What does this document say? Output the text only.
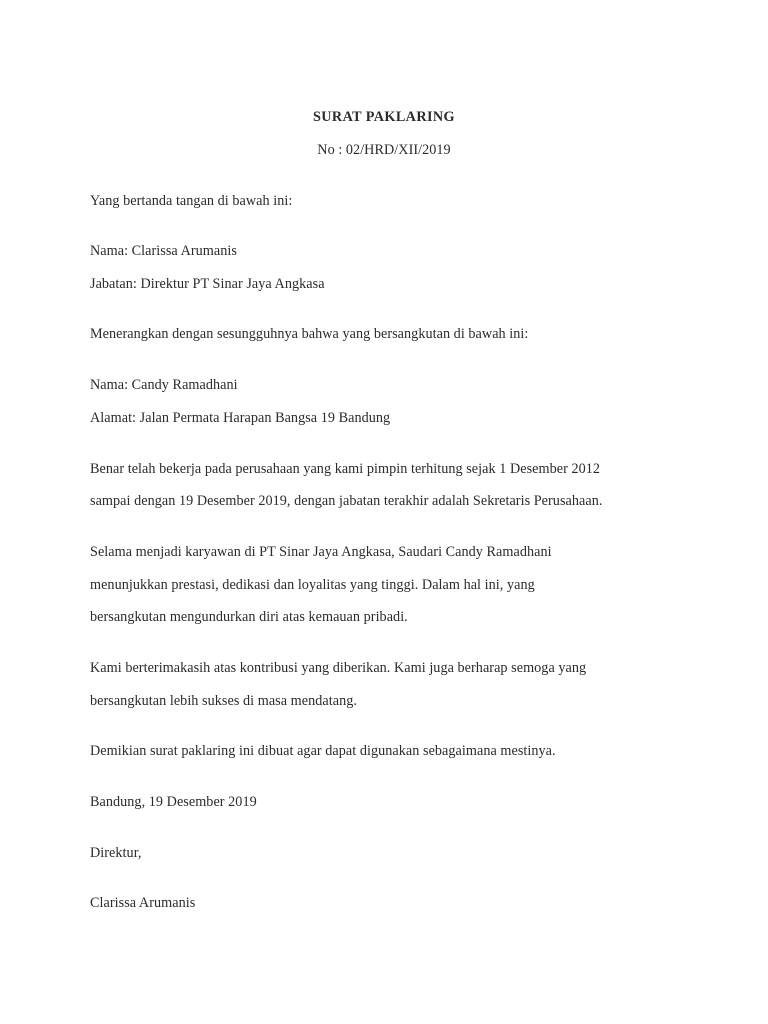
SURAT PAKLARING
No : 02/HRD/XII/2019
Yang bertanda tangan di bawah ini:
Nama: Clarissa Arumanis
Jabatan: Direktur PT Sinar Jaya Angkasa
Menerangkan dengan sesungguhnya bahwa yang bersangkutan di bawah ini:
Nama: Candy Ramadhani
Alamat: Jalan Permata Harapan Bangsa 19 Bandung
Benar telah bekerja pada perusahaan yang kami pimpin terhitung sejak 1 Desember 2012
sampai dengan 19 Desember 2019, dengan jabatan terakhir adalah Sekretaris Perusahaan.
Selama menjadi karyawan di PT Sinar Jaya Angkasa, Saudari Candy Ramadhani
menunjukkan prestasi, dedikasi dan loyalitas yang tinggi. Dalam hal ini, yang
bersangkutan mengundurkan diri atas kemauan pribadi.
Kami berterimakasih atas kontribusi yang diberikan. Kami juga berharap semoga yang
bersangkutan lebih sukses di masa mendatang.
Demikian surat paklaring ini dibuat agar dapat digunakan sebagaimana mestinya.
Bandung, 19 Desember 2019
Direktur,
Clarissa Arumanis
